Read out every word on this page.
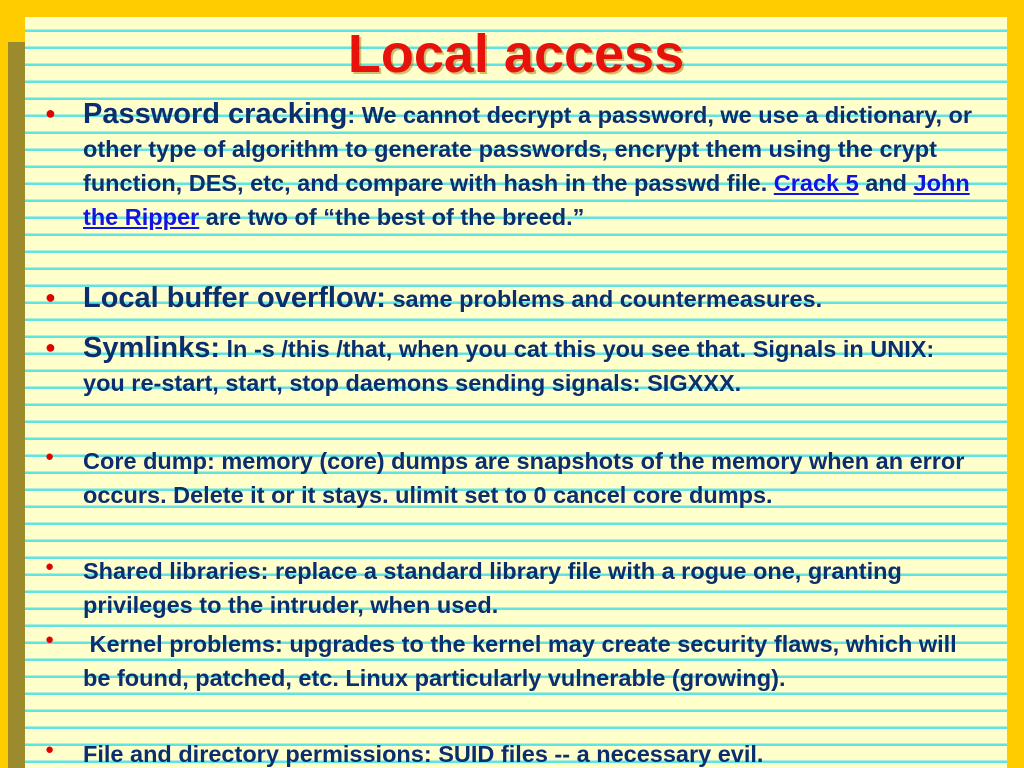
Local access
● Password cracking: We cannot decrypt a password, we use a dictionary, or other type of algorithm to generate passwords, encrypt them using the crypt function, DES, etc, and compare with hash in the passwd file. Crack 5 and John the Ripper are two of “the best of the breed.”
● Local buffer overflow: same problems and countermeasures.
● Symlinks: ln -s /this /that, when you cat this you see that. Signals in UNIX: you re-start, start, stop daemons sending signals: SIGXXX.
● Core dump: memory (core) dumps are snapshots of the memory when an error occurs. Delete it or it stays. ulimit set to 0 cancel core dumps.
● Shared libraries: replace a standard library file with a rogue one, granting privileges to the intruder, when used.
● Kernel problems: upgrades to the kernel may create security flaws, which will be found, patched, etc. Linux particularly vulnerable (growing).
● File and directory permissions: SUID files -- a necessary evil.
